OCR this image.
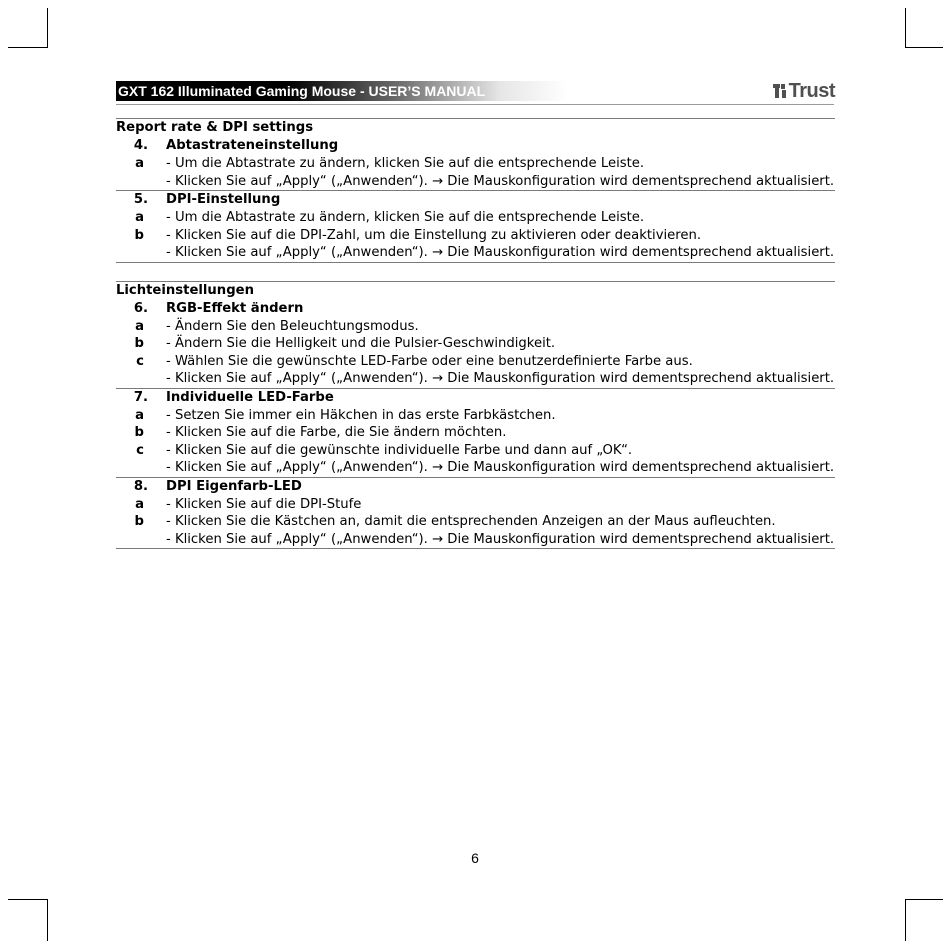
GXT 162 Illuminated Gaming Mouse - USER’S MANUAL	Trust
Report rate & DPI settings
4. Abtastrateneinstellung
a - Um die Abtastrate zu ändern, klicken Sie auf die entsprechende Leiste.
- Klicken Sie auf „Apply“ („Anwenden“). → Die Mauskonfiguration wird dementsprechend aktualisiert.
5. DPI-Einstellung
a - Um die Abtastrate zu ändern, klicken Sie auf die entsprechende Leiste.
b - Klicken Sie auf die DPI-Zahl, um die Einstellung zu aktivieren oder deaktivieren.
- Klicken Sie auf „Apply“ („Anwenden“). → Die Mauskonfiguration wird dementsprechend aktualisiert.
Lichteinstellungen
6. RGB-Effekt ändern
a - Ändern Sie den Beleuchtungsmodus.
b - Ändern Sie die Helligkeit und die Pulsier-Geschwindigkeit.
c - Wählen Sie die gewünschte LED-Farbe oder eine benutzerdefinierte Farbe aus.
- Klicken Sie auf „Apply“ („Anwenden“). → Die Mauskonfiguration wird dementsprechend aktualisiert.
7. Individuelle LED-Farbe
a - Setzen Sie immer ein Häkchen in das erste Farbkästchen.
b - Klicken Sie auf die Farbe, die Sie ändern möchten.
c - Klicken Sie auf die gewünschte individuelle Farbe und dann auf „OK“.
- Klicken Sie auf „Apply“ („Anwenden“). → Die Mauskonfiguration wird dementsprechend aktualisiert.
8. DPI Eigenfarb-LED
a - Klicken Sie auf die DPI-Stufe
b - Klicken Sie die Kästchen an, damit die entsprechenden Anzeigen an der Maus aufleuchten.
- Klicken Sie auf „Apply“ („Anwenden“). → Die Mauskonfiguration wird dementsprechend aktualisiert.
6
